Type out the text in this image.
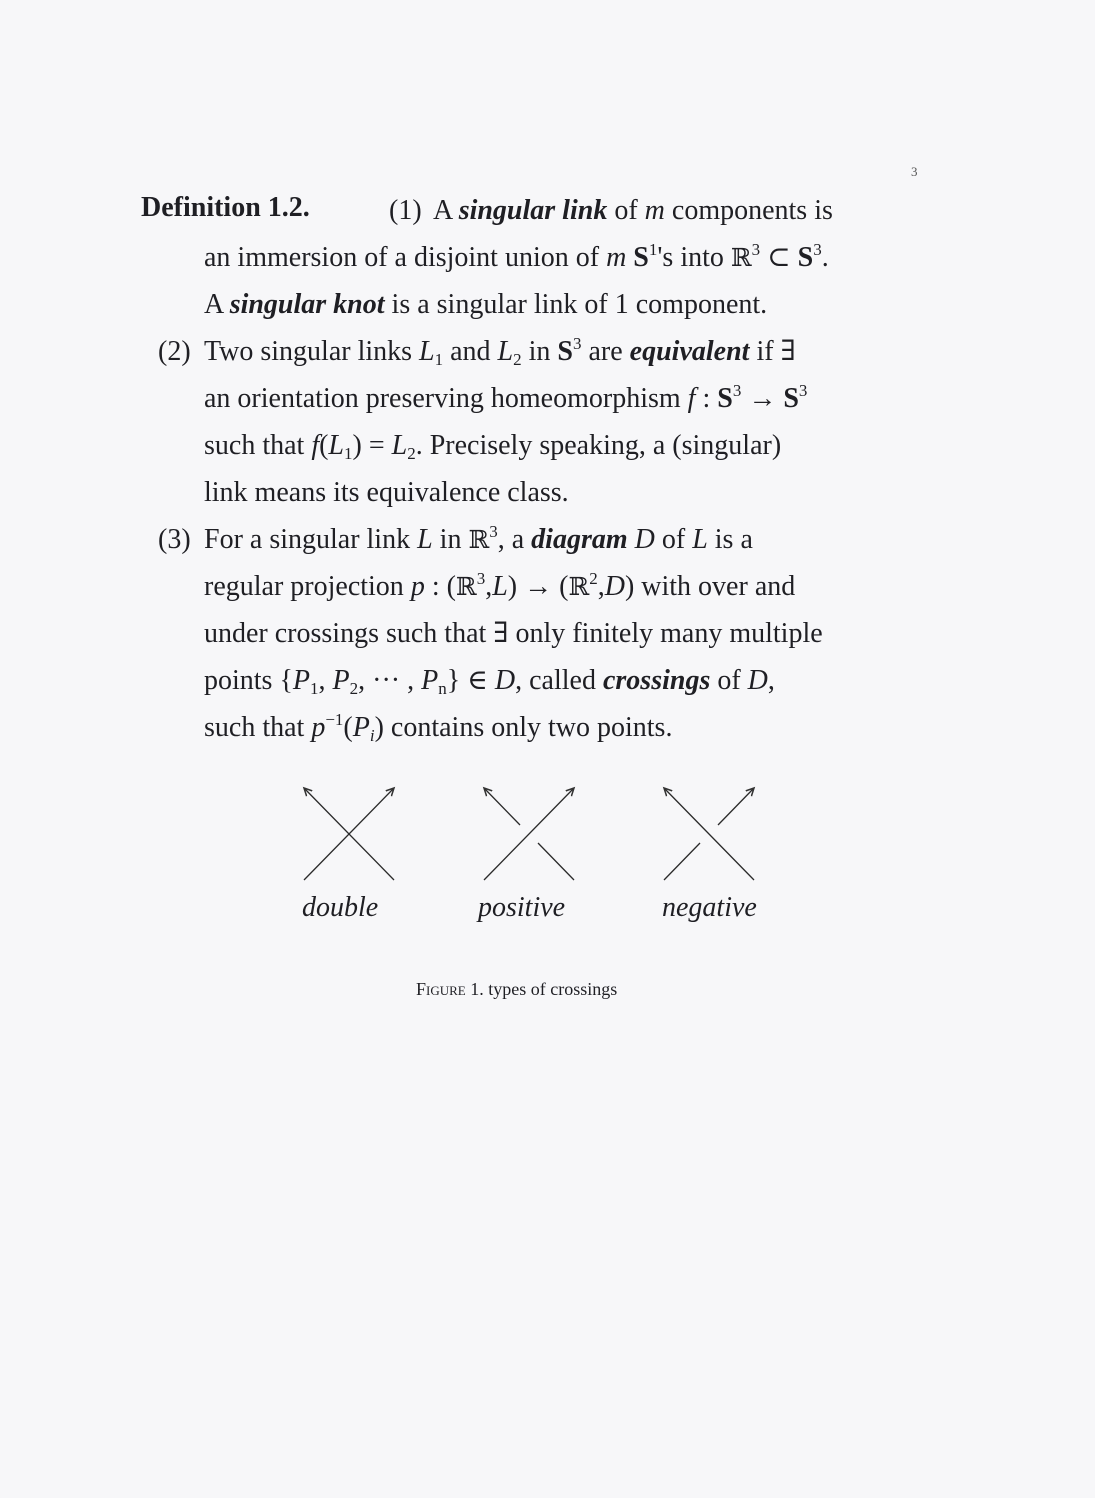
3
Definition 1.2.	(1) A singular link of m components is
an immersion of a disjoint union of m $S^1's$ into ℝ$^3$ ⊂ $S^3$.
A singular knot is a singular link of 1 component.
(2) Two singular links $L_1$ and $L_2$ in $S^3$ are equivalent if ∃
an orientation preserving homeomorphism f : $S^3 \to S^3$
such that $f(L_1) = L_2$. Precisely speaking, a (singular)
link means its equivalence class.
(3) For a singular link L in ℝ$^3$, a diagram D of L is a
regular projection p : (ℝ$^3$,L) → (ℝ$^2$,D) with over and
under crossings such that ∃ only finitely many multiple
points {$P_1$, $P_2$, ··· , $P_n$} ∈ D, called crossings of D,
such that $p^{-1}(P_i)$ contains only two points.
double	positive	negative
Figure 1. types of crossings
